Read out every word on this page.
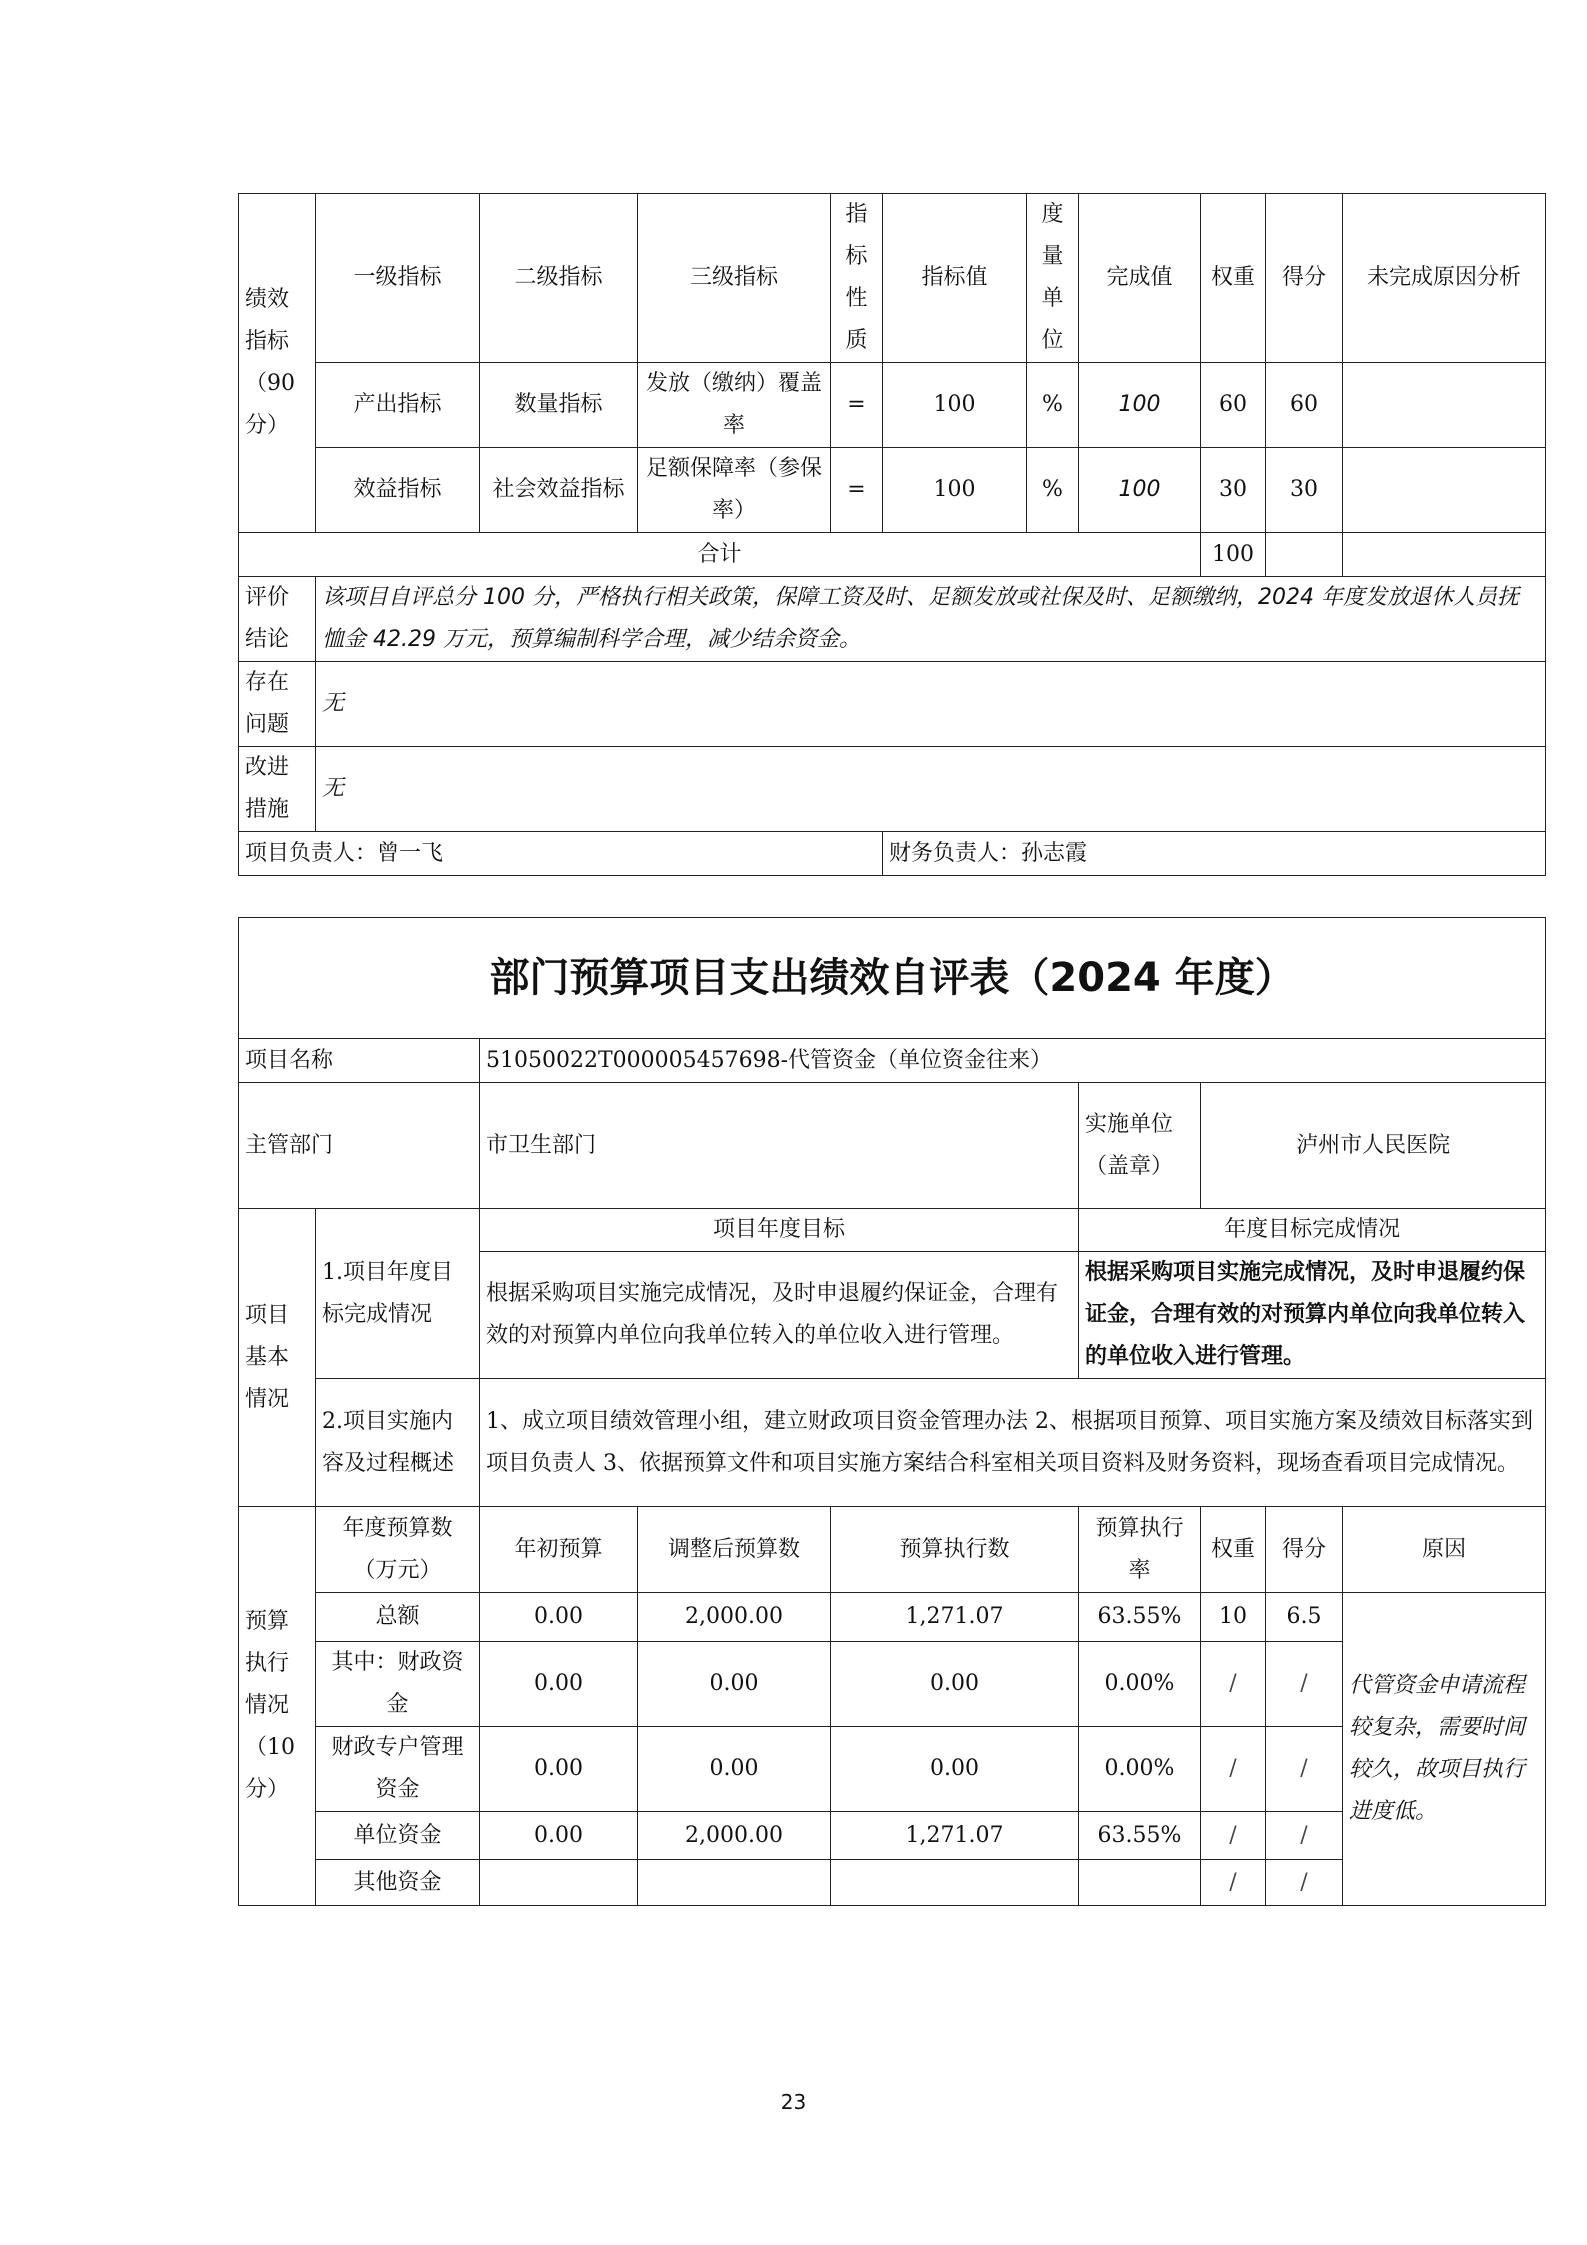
绩效指标（90分）	一级指标	二级指标	三级指标	指标性质	指标值	度量单位	完成值	权重	得分	未完成原因分析
	产出指标	数量指标	发放（缴纳）覆盖率	=	100	%	100	60	60	
	效益指标	社会效益指标	足额保障率（参保率）	=	100	%	100	30	30	
合计								100		
评价结论	该项目自评总分 100 分，严格执行相关政策，保障工资及时、足额发放或社保及时、足额缴纳，2024 年度发放退休人员抚恤金 42.29 万元，预算编制科学合理，减少结余资金。									
存在问题	无									
改进措施	无									
项目负责人：曾一飞					财务负责人：孙志霞					
部门预算项目支出绩效自评表（2024 年度）								
项目名称		51050022T000005457698-代管资金（单位资金往来）						
主管部门		市卫生部门			实施单位（盖章）	泸州市人民医院		
项目基本情况	1.项目年度目标完成情况	项目年度目标			年度目标完成情况			
		根据采购项目实施完成情况，及时申退履约保证金，合理有效的对预算内单位向我单位转入的单位收入进行管理。			根据采购项目实施完成情况，及时申退履约保证金，合理有效的对预算内单位向我单位转入的单位收入进行管理。			
	2.项目实施内容及过程概述	1、成立项目绩效管理小组，建立财政项目资金管理办法 2、根据项目预算、项目实施方案及绩效目标落实到项目负责人 3、依据预算文件和项目实施方案结合科室相关项目资料及财务资料，现场查看项目完成情况。						
预算执行情况（10分）	年度预算数（万元）	年初预算	调整后预算数	预算执行数	预算执行率	权重	得分	原因
	总额	0.00	2,000.00	1,271.07	63.55%	10	6.5	代管资金申请流程较复杂，需要时间较久，故项目执行进度低。
	其中：财政资金	0.00	0.00	0.00	0.00%	/	/	
	财政专户管理资金	0.00	0.00	0.00	0.00%	/	/	
	单位资金	0.00	2,000.00	1,271.07	63.55%	/	/	
	其他资金					/	/	
23
